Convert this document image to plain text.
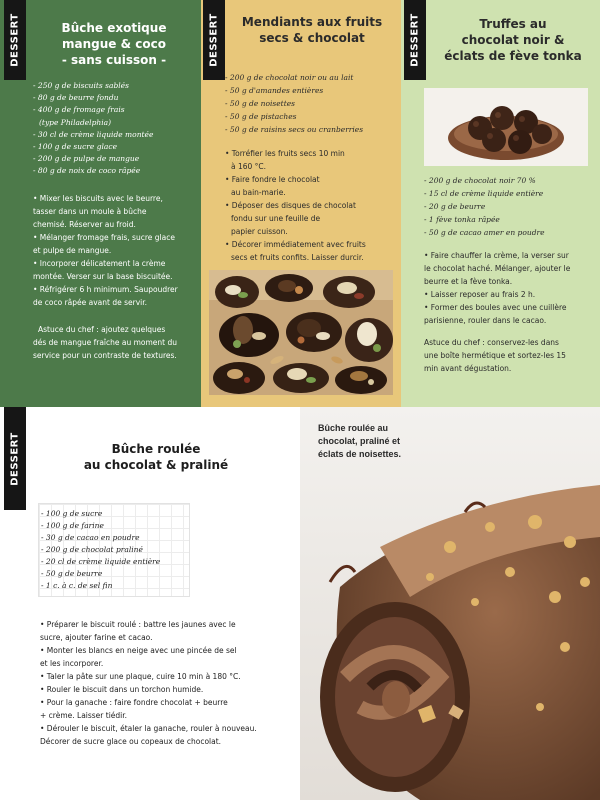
DESSERT	Bûche exotique
mangue & coco
- sans cuisson -
- 250 g de biscuits sablés
- 80 g de beurre fondu
- 400 g de fromage frais
(type Philadelphia)
- 30 cl de crème liquide montée
- 100 g de sucre glace
- 200 g de pulpe de mangue
- 80 g de noix de coco râpée
• Mixer les biscuits avec le beurre,
tasser dans un moule à bûche
chemisé. Réserver au froid.
• Mélanger fromage frais, sucre glace
et pulpe de mangue.
• Incorporer délicatement la crème
montée. Verser sur la base biscuitée.
• Réfrigérer 6 h minimum. Saupoudrer
de coco râpée avant de servir.
Astuce du chef : ajoutez quelques
dés de mangue fraîche au moment du
service pour un contraste de textures.
DESSERT	Mendiants aux fruits
secs & chocolat
- 200 g de chocolat noir ou au lait
- 50 g d'amandes entières
- 50 g de noisettes
- 50 g de pistaches
- 50 g de raisins secs ou cranberries
• Torréfier les fruits secs 10 min
à 160 °C.
• Faire fondre le chocolat
au bain-marie.
• Déposer des disques de chocolat
fondu sur une feuille de
papier cuisson.
• Décorer immédiatement avec fruits
secs et fruits confits. Laisser durcir.
DESSERT	Truffes au
chocolat noir &
éclats de fève tonka
- 200 g de chocolat noir 70 %
- 15 cl de crème liquide entière
- 20 g de beurre
- 1 fève tonka râpée
- 50 g de cacao amer en poudre
• Faire chauffer la crème, la verser sur
le chocolat haché. Mélanger, ajouter le
beurre et la fève tonka.
• Laisser reposer au frais 2 h.
• Former des boules avec une cuillère
parisienne, rouler dans le cacao.
Astuce du chef : conservez-les dans
une boîte hermétique et sortez-les 15
min avant dégustation.
DESSERT	Bûche roulée
au chocolat & praliné
- 100 g de sucre
- 100 g de farine
- 30 g de cacao en poudre
- 200 g de chocolat praliné
- 20 cl de crème liquide entière
- 50 g de beurre
- 1 c. à c. de sel fin
• Préparer le biscuit roulé : battre les jaunes avec le
sucre, ajouter farine et cacao.
• Monter les blancs en neige avec une pincée de sel
et les incorporer.
• Taler la pâte sur une plaque, cuire 10 min à 180 °C.
• Rouler le biscuit dans un torchon humide.
• Pour la ganache : faire fondre chocolat + beurre
+ crème. Laisser tiédir.
• Dérouler le biscuit, étaler la ganache, rouler à nouveau.
Décorer de sucre glace ou copeaux de chocolat.
Bûche roulée au
chocolat, praliné et
éclats de noisettes.
